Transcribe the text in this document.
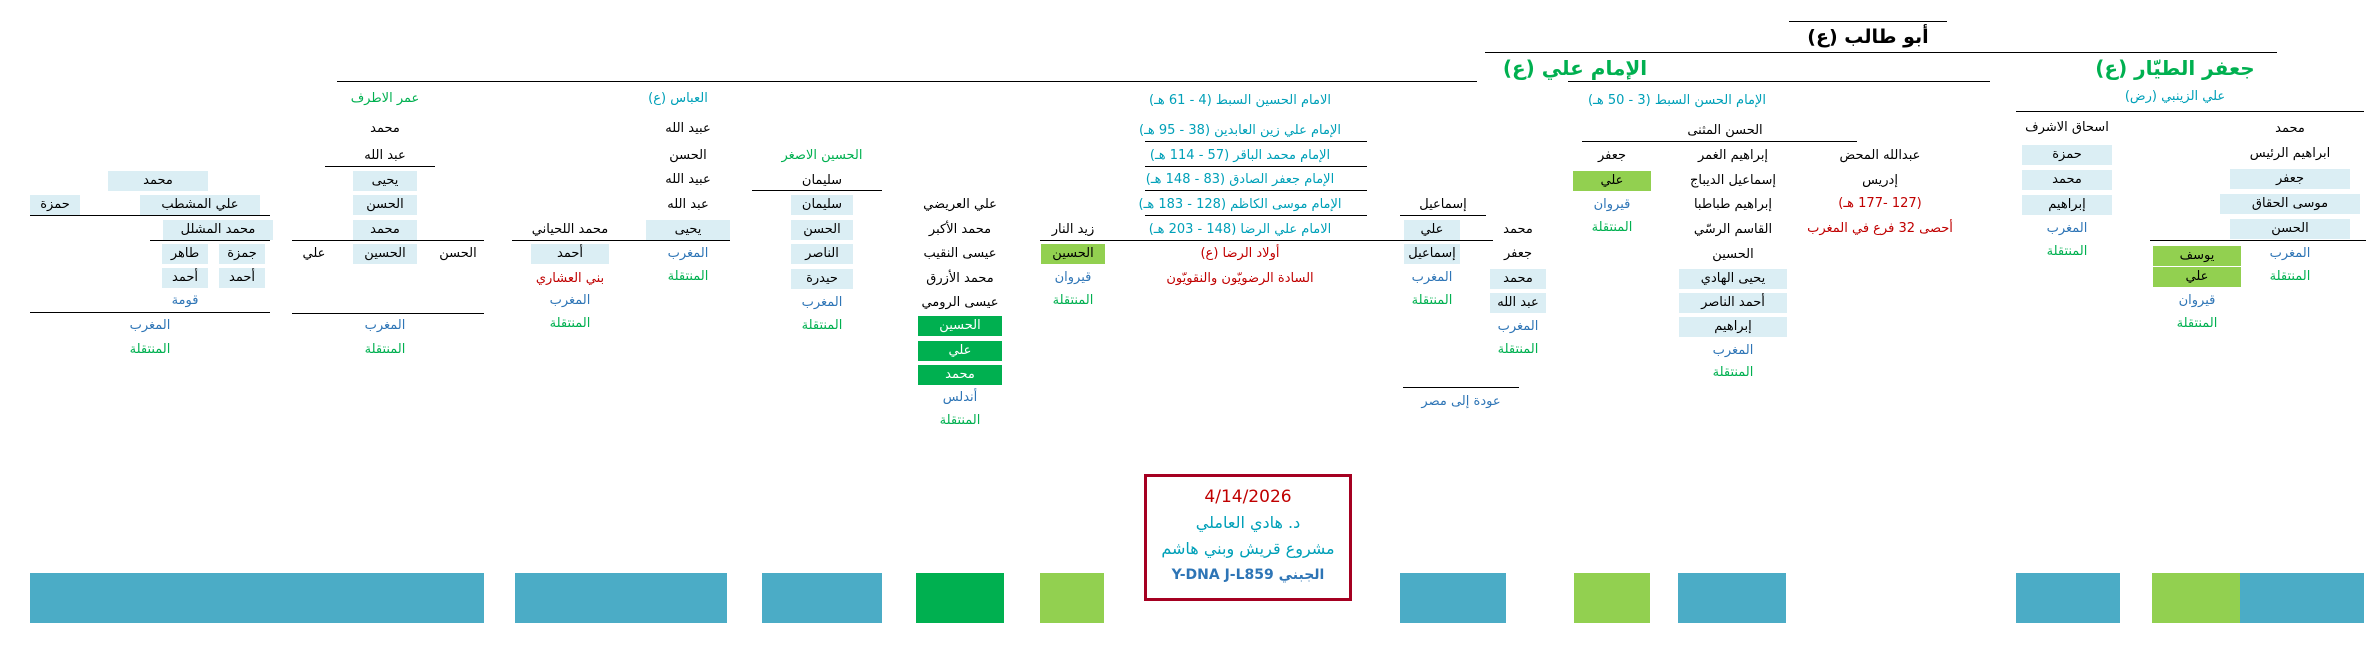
أبو طالب (ع)
جعفر الطيّار (ع)
الإمام علي (ع)
علي الزينبي (رض)
الإمام الحسن السبط (3 - 50 هـ)
الامام الحسين السبط (4 - 61 هـ)
العباس (ع)
عمر الاطرف
محمد
ابراهيم الرئيس
جعفر
موسى الحقاق
الحسن
المغرب
المنتقلة
يوسف
علي
قيروان
المنتقلة
اسحاق الاشرف
حمزة
محمد
إبراهيم
المغرب
المنتقلة
الحسن المثنى
عبدالله المحض
إدريس
(127 -177 هـ)
أحصى 32 فرع في المغرب
إبراهيم الغمر
إسماعيل الديباج
إبراهيم طباطبا
القاسم الرسّي
الحسين
يحيى الهادي
أحمد الناصر
إبراهيم
المغرب
المنتقلة
جعفر
علي
قيروان
المنتقلة
الإمام علي زين العابدين (38 - 95 هـ)
الإمام محمد الباقر (57 - 114 هـ)
الإمام جعفر الصادق (83 - 148 هـ)
الإمام موسى الكاظم (128 - 183 هـ)
الامام علي الرضا (148 - 203 هـ)
أولاد الرضا (ع)
السادة الرضويّون والنقويّون
إسماعيل
محمد
جعفر
محمد
عبد الله
المغرب
المنتقلة
علي
إسماعيل
المغرب
المنتقلة
عودة إلى مصر
زيد النار
الحسين
قيروان
المنتقلة
علي العريضي
محمد الأكبر
عيسى النقيب
محمد الأزرق
عيسى الرومي
الحسين
علي
محمد
أندلس
المنتقلة
الحسين الاصغر
سليمان
سليمان
الحسن
الناصر
حيدرة
المغرب
المنتقلة
عبيد الله
الحسن
عبيد الله
عبد الله
يحيى
المغرب
المنتقلة
محمد اللحياني
أحمد
بني العشاري
المغرب
المنتقلة
محمد
عبد الله
يحيى
الحسن
محمد
الحسن
الحسين
علي
المغرب
المنتقلة
محمد
علي المشطب
حمزة
محمد المشلل
جمزة
طاهر
أحمد
أحمد
قومة
المغرب
المنتقلة
4/14/2026
د. هادي العاملي
مشروع قريش وبني هاشم
Y-DNA J-L859 الجبني
